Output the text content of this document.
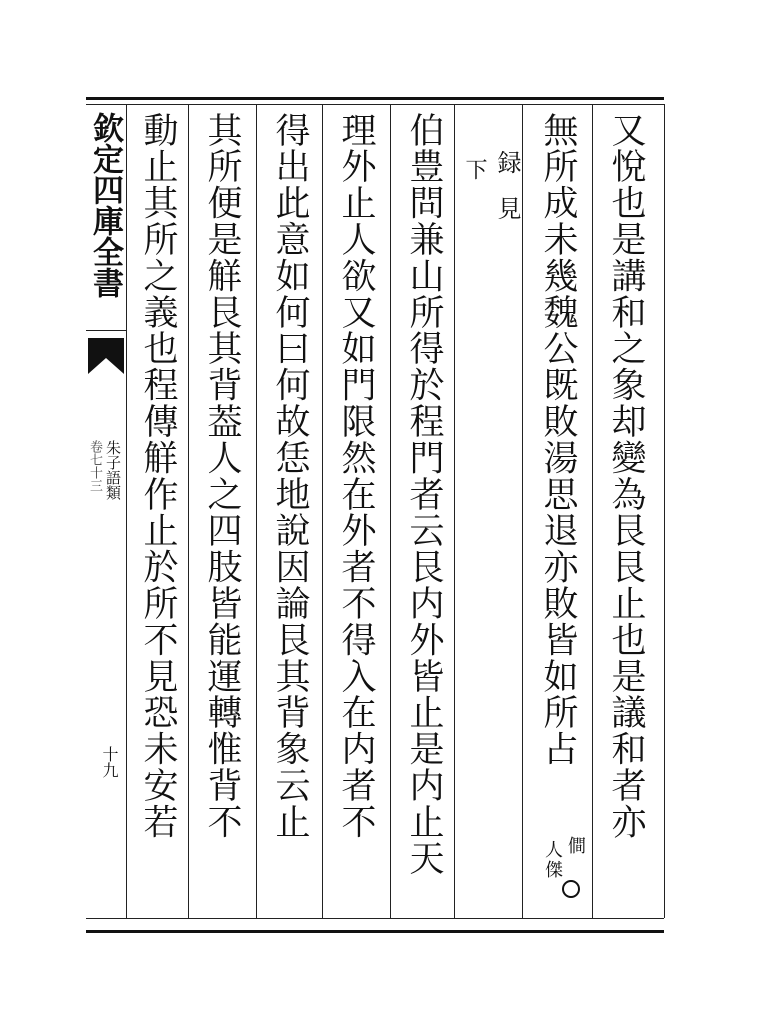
欽定四庫全書
朱子語類
卷七十三
十九	又悅也是講和之象却變為艮艮止也是議和者亦
無所成未幾魏公既敗湯思退亦敗皆如所占
僴
人傑
録
見
下
伯豊問兼山所得於程門者云艮内外皆止是内止天
理外止人欲又如門限然在外者不得入在内者不
得出此意如何曰何故恁地說因論艮其背象云止
其所便是觧艮其背葢人之四肢皆能運轉惟背不
動止其所之義也程傳觧作止於所不見恐未安若
